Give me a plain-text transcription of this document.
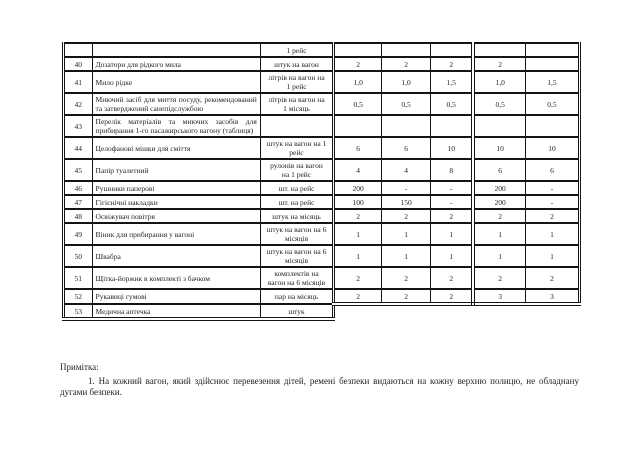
		1 рейс					
40	Дозатори для рідкого мила	штук на вагон	2	2	2	2	
41	Мило рідке	літрів на вагон на 1 рейс	1,0	1,0	1,5	1,0	1,5
42	Миючий засіб для миття посуду, рекомендований та затверджений санепідслужбою	літрів на вагон на 1 місяць	0,5	0,5	0,5	0,5	0,5
43	Перелік матеріалів та миючих засобів для прибирання 1-го пасажирського вагону (таблиця)						
44	Целофанові мішки для сміття	штук на вагон на 1 рейс	6	6	10	10	10
45	Папір туалетний	рулонів на вагон на 1 рейс	4	4	8	6	6
46	Рушники паперові	шт. на рейс	200	-	-	200	-
47	Гігієнічні накладки	шт. на рейс	100	150	-	200	-
48	Освіжувач повітря	штук на місяць	2	2	2	2	2
49	Віник для прибирання у вагоні	штук на вагон на 6 місяців	1	1	1	1	1
50	Швабра	штук на вагон на 6 місяців	1	1	1	1	1
51	Щітка-йоржик в комплекті з бачком	комплектів на вагон на 6 місяців	2	2	2	2	2
52	Рукавиці гумові	пар на місяць	2	2	2	3	3
53	Медична аптечка	штук					

Примітка:

1. На кожний вагон, який здійснює перевезення дітей, ремені безпеки видаються на кожну верхню полицю, не обладнану дугами безпеки.
